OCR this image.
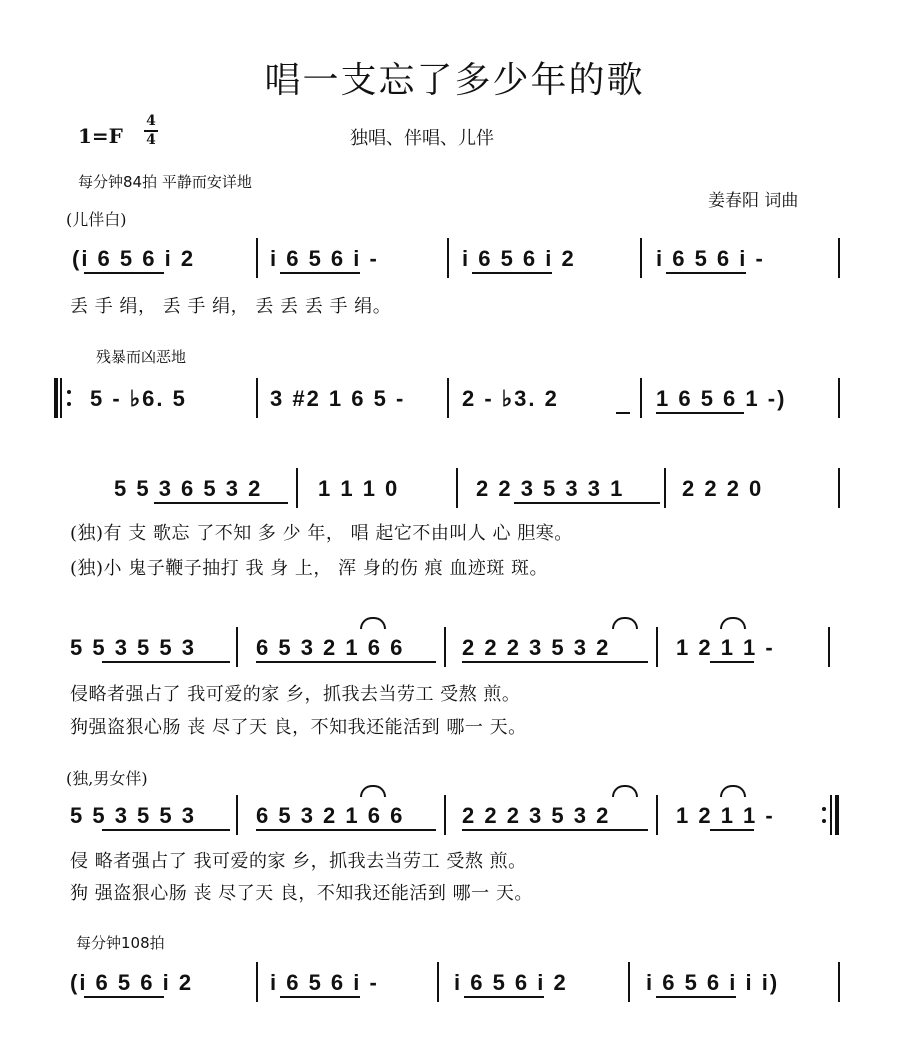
唱一支忘了多少年的歌
1=F
4
4	独唱、伴唱、儿伴
每分钟84拍 平静而安详地
姜春阳 词曲
(儿伴白)
(i 6 5 6 i 2	i 6 5 6 i -	i 6 5 6 i 2	i 6 5 6 i -
丢 手 绢， 丢 手 绢， 丢 丢 丢 手 绢。
残暴而凶恶地
5 - ♭6. 5	3 #2 1 6 5 -	2 - ♭3. 2	1 6 5 6 1 -)
5 5 3 6 5 3 2	1 1 1 0	2 2 3 5 3 3 1	2 2 2 0
(独)有 支 歌忘 了不知 多 少 年， 唱 起它不由叫人 心 胆寒。
(独)小 鬼子鞭子抽打 我 身 上， 浑 身的伤 痕 血迹斑 斑。
5 5 3 5 5 3	6 5 3 2 1 6 6	2 2 2 3 5 3 2	1 2 1 1 -
侵略者强占了 我可爱的家 乡，抓我去当劳工 受熬 煎。
狗强盗狠心肠 丧 尽了天 良，不知我还能活到 哪一 天。
(独,男女伴)
5 5 3 5 5 3	6 5 3 2 1 6 6	2 2 2 3 5 3 2	1 2 1 1 -
侵 略者强占了 我可爱的家 乡，抓我去当劳工 受熬 煎。
狗 强盗狠心肠 丧 尽了天 良，不知我还能活到 哪一 天。
每分钟108拍
(i 6 5 6 i 2	i 6 5 6 i -	i 6 5 6 i 2	i 6 5 6 i i i)
